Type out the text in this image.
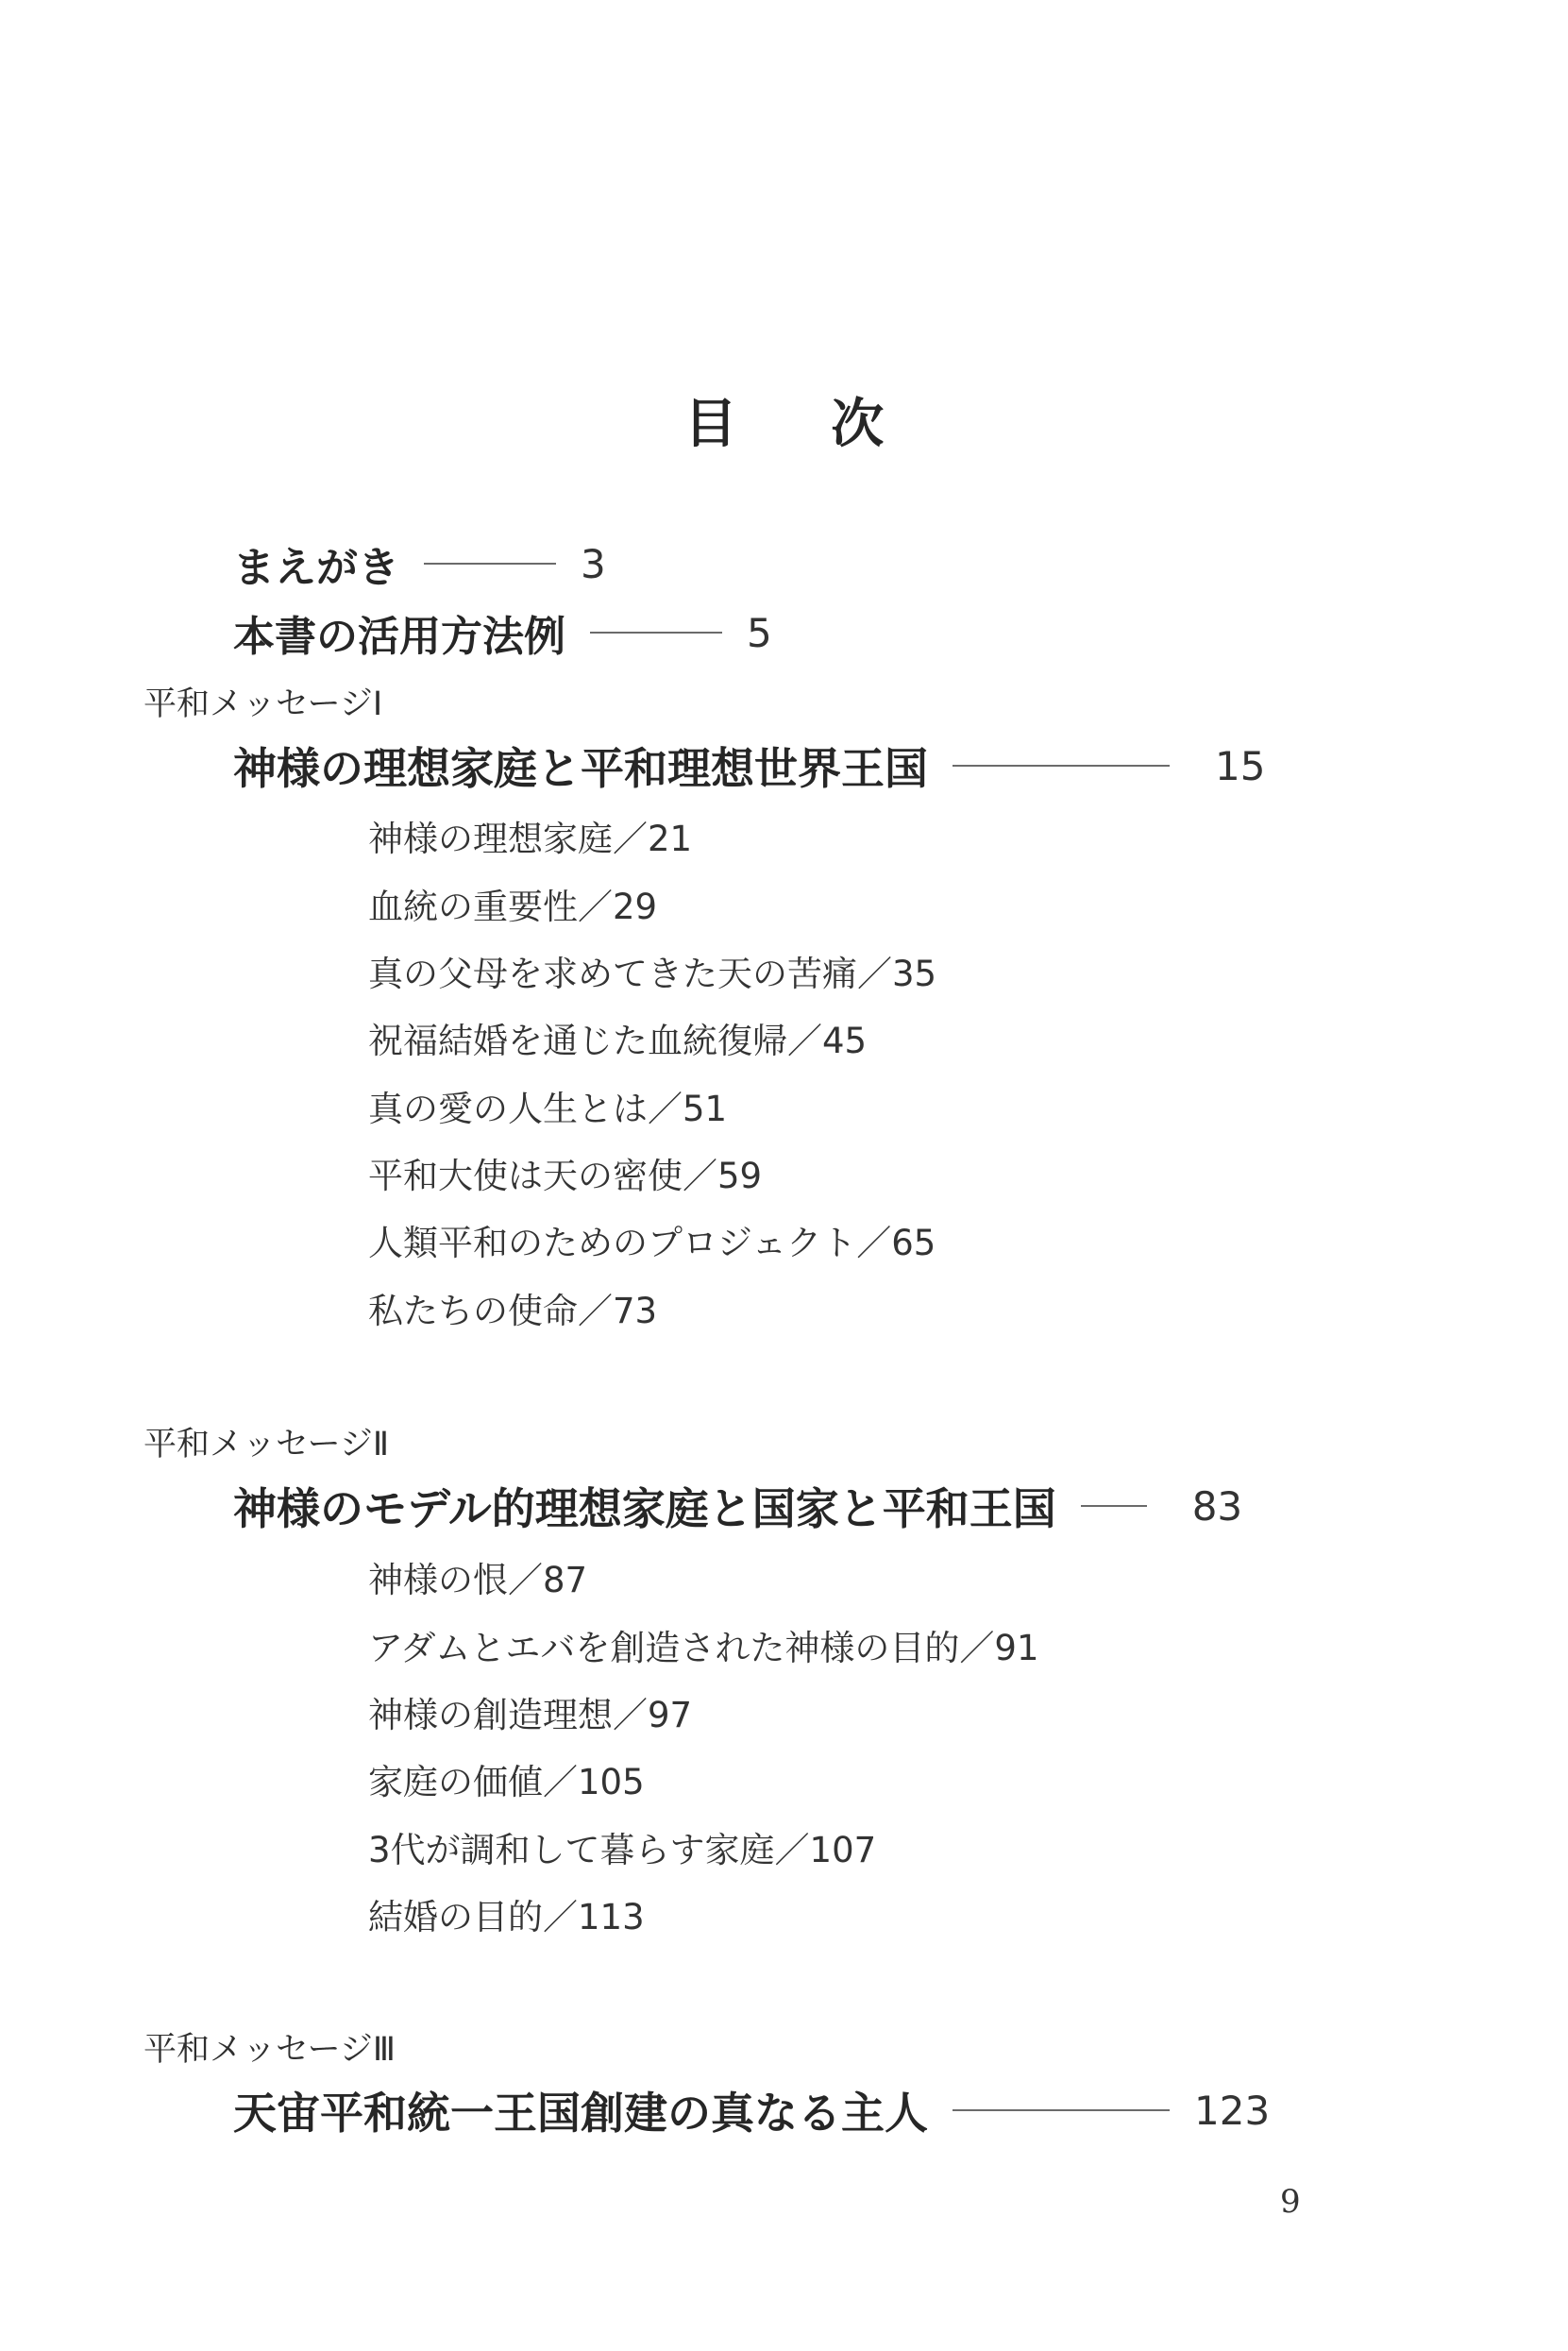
目 次
まえがき	3
本書の活用方法例	5
平和メッセージⅠ
神様の理想家庭と平和理想世界王国	15
神様の理想家庭／21
血統の重要性／29
真の父母を求めてきた天の苦痛／35
祝福結婚を通じた血統復帰／45
真の愛の人生とは／51
平和大使は天の密使／59
人類平和のためのプロジェクト／65
私たちの使命／73
平和メッセージⅡ
神様のモデル的理想家庭と国家と平和王国	83
神様の恨／87
アダムとエバを創造された神様の目的／91
神様の創造理想／97
家庭の価値／105
3代が調和して暮らす家庭／107
結婚の目的／113
平和メッセージⅢ
天宙平和統一王国創建の真なる主人	123
9
